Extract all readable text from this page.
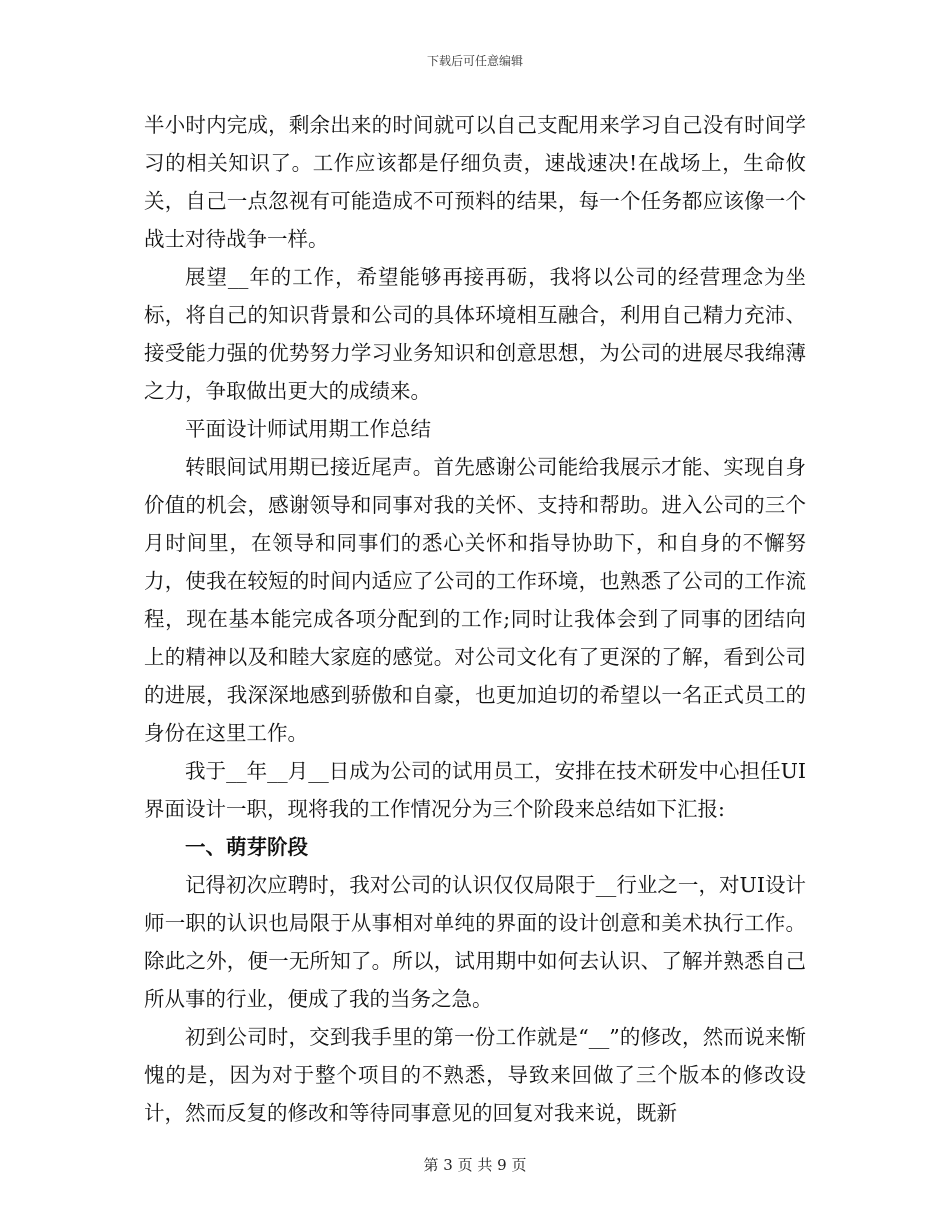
下载后可任意编辑

半小时内完成，剩余出来的时间就可以自己支配用来学习自己没有时间学习的相关知识了。工作应该都是仔细负责，速战速决!在战场上，生命攸关，自己一点忽视有可能造成不可预料的结果，每一个任务都应该像一个战士对待战争一样。

展望__年的工作，希望能够再接再砺，我将以公司的经营理念为坐标，将自己的知识背景和公司的具体环境相互融合，利用自己精力充沛、接受能力强的优势努力学习业务知识和创意思想，为公司的进展尽我绵薄之力，争取做出更大的成绩来。

平面设计师试用期工作总结

转眼间试用期已接近尾声。首先感谢公司能给我展示才能、实现自身价值的机会，感谢领导和同事对我的关怀、支持和帮助。进入公司的三个月时间里，在领导和同事们的悉心关怀和指导协助下，和自身的不懈努力，使我在较短的时间内适应了公司的工作环境，也熟悉了公司的工作流程，现在基本能完成各项分配到的工作;同时让我体会到了同事的团结向上的精神以及和睦大家庭的感觉。对公司文化有了更深的了解，看到公司的进展，我深深地感到骄傲和自豪，也更加迫切的希望以一名正式员工的身份在这里工作。

我于__年__月__日成为公司的试用员工，安排在技术研发中心担任UI界面设计一职，现将我的工作情况分为三个阶段来总结如下汇报:

一、萌芽阶段

记得初次应聘时，我对公司的认识仅仅局限于__行业之一，对UI设计师一职的认识也局限于从事相对单纯的界面的设计创意和美术执行工作。除此之外，便一无所知了。所以，试用期中如何去认识、了解并熟悉自己所从事的行业，便成了我的当务之急。

初到公司时，交到我手里的第一份工作就是“__”的修改，然而说来惭愧的是，因为对于整个项目的不熟悉，导致来回做了三个版本的修改设计，然而反复的修改和等待同事意见的回复对我来说，既新

第 3 页 共 9 页
